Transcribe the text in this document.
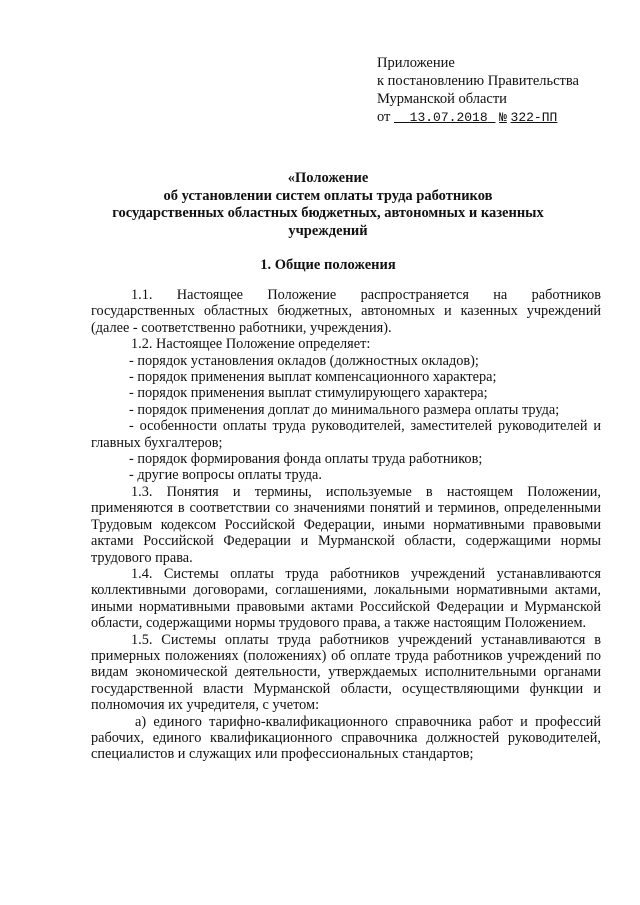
Приложение
к постановлению Правительства
Мурманской области
от 13.07.2018 № 322-ПП
«Положение
об установлении систем оплаты труда работников
государственных областных бюджетных, автономных и казенных
учреждений
1. Общие положения

1.1. Настоящее Положение распространяется на работников государственных областных бюджетных, автономных и казенных учреждений (далее - соответственно работники, учреждения).

1.2. Настоящее Положение определяет:

- порядок установления окладов (должностных окладов);

- порядок применения выплат компенсационного характера;

- порядок применения выплат стимулирующего характера;

- порядок применения доплат до минимального размера оплаты труда;

- особенности оплаты труда руководителей, заместителей руководителей и главных бухгалтеров;

- порядок формирования фонда оплаты труда работников;

- другие вопросы оплаты труда.

1.3. Понятия и термины, используемые в настоящем Положении, применяются в соответствии со значениями понятий и терминов, определенными Трудовым кодексом Российской Федерации, иными нормативными правовыми актами Российской Федерации и Мурманской области, содержащими нормы трудового права.

1.4. Системы оплаты труда работников учреждений устанавливаются коллективными договорами, соглашениями, локальными нормативными актами, иными нормативными правовыми актами Российской Федерации и Мурманской области, содержащими нормы трудового права, а также настоящим Положением.

1.5. Системы оплаты труда работников учреждений устанавливаются в примерных положениях (положениях) об оплате труда работников учреждений по видам экономической деятельности, утверждаемых исполнительными органами государственной власти Мурманской области, осуществляющими функции и полномочия их учредителя, с учетом:

а) единого тарифно-квалификационного справочника работ и профессий рабочих, единого квалификационного справочника должностей руководителей, специалистов и служащих или профессиональных стандартов;
